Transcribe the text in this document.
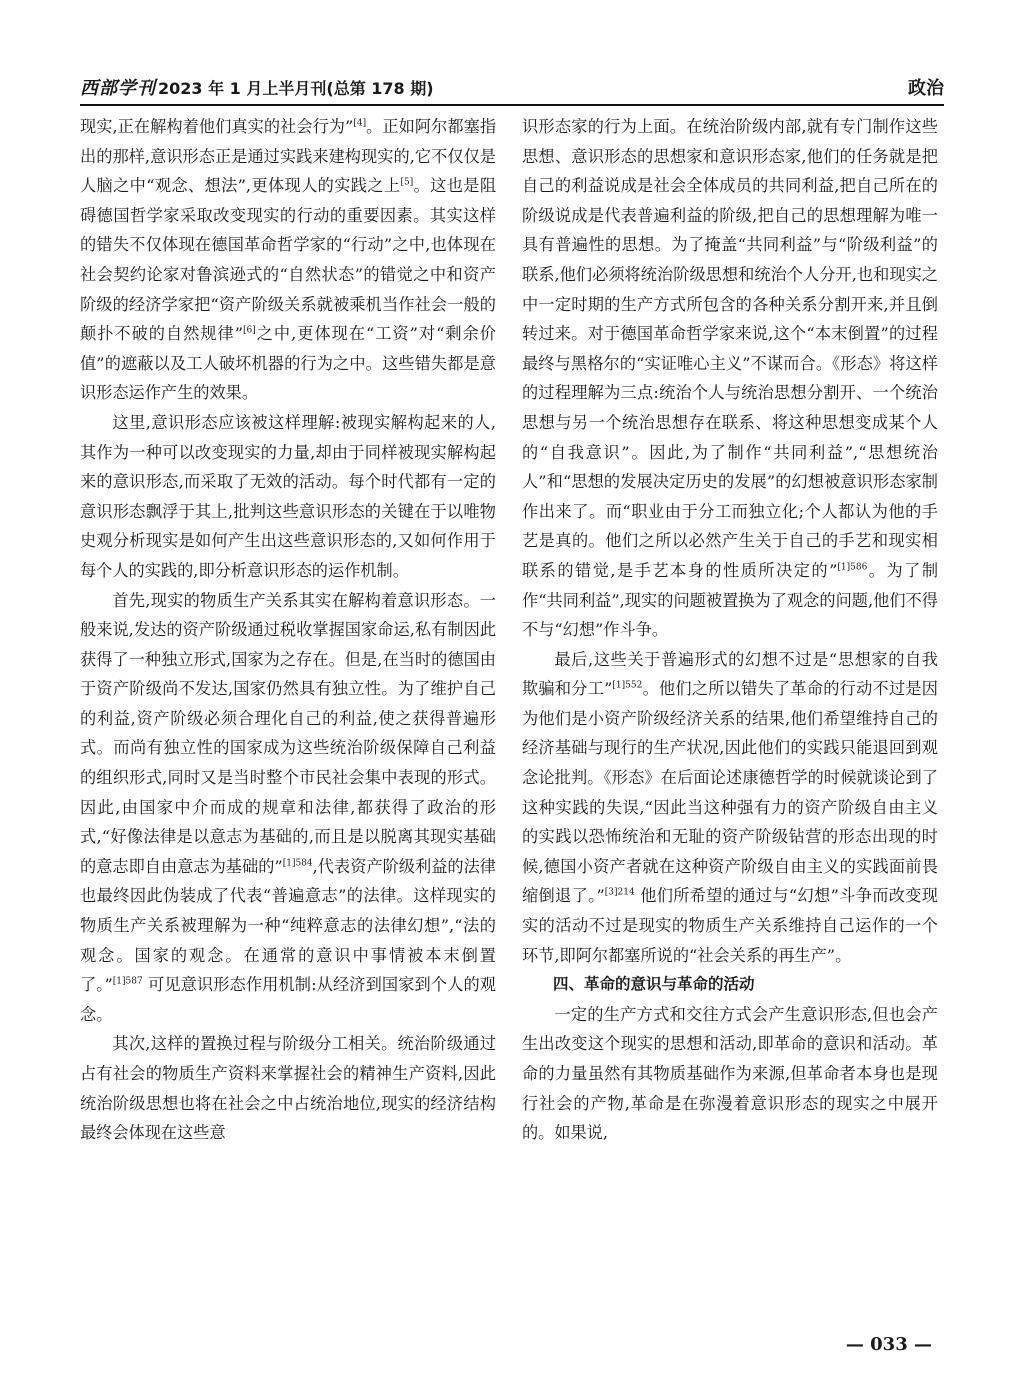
西部学刊 2023 年 1 月上半月刊(总第 178 期)	政治

现实,正在解构着他们真实的社会行为”[4]。正如阿尔都塞指出的那样,意识形态正是通过实践来建构现实的,它不仅仅是人脑之中“观念、想法”,更体现人的实践之上[5]。这也是阻碍德国哲学家采取改变现实的行动的重要因素。其实这样的错失不仅体现在德国革命哲学家的“行动”之中,也体现在社会契约论家对鲁滨逊式的“自然状态”的错觉之中和资产阶级的经济学家把“资产阶级关系就被乘机当作社会一般的颠扑不破的自然规律”[6]之中,更体现在“工资”对“剩余价值”的遮蔽以及工人破坏机器的行为之中。这些错失都是意识形态运作产生的效果。

这里,意识形态应该被这样理解:被现实解构起来的人,其作为一种可以改变现实的力量,却由于同样被现实解构起来的意识形态,而采取了无效的活动。每个时代都有一定的意识形态飘浮于其上,批判这些意识形态的关键在于以唯物史观分析现实是如何产生出这些意识形态的,又如何作用于每个人的实践的,即分析意识形态的运作机制。

首先,现实的物质生产关系其实在解构着意识形态。一般来说,发达的资产阶级通过税收掌握国家命运,私有制因此获得了一种独立形式,国家为之存在。但是,在当时的德国由于资产阶级尚不发达,国家仍然具有独立性。为了维护自己的利益,资产阶级必须合理化自己的利益,使之获得普遍形式。而尚有独立性的国家成为这些统治阶级保障自己利益的组织形式,同时又是当时整个市民社会集中表现的形式。因此,由国家中介而成的规章和法律,都获得了政治的形式,“好像法律是以意志为基础的,而且是以脱离其现实基础的意志即自由意志为基础的”$^{[1]584}$,代表资产阶级利益的法律也最终因此伪装成了代表“普遍意志”的法律。这样现实的物质生产关系被理解为一种“纯粹意志的法律幻想”,“法的观念。国家的观念。在通常的意识中事情被本末倒置了。”$^{[1]587}$ 可见意识形态作用机制:从经济到国家到个人的观念。

其次,这样的置换过程与阶级分工相关。统治阶级通过占有社会的物质生产资料来掌握社会的精神生产资料,因此统治阶级思想也将在社会之中占统治地位,现实的经济结构最终会体现在这些意

识形态家的行为上面。在统治阶级内部,就有专门制作这些思想、意识形态的思想家和意识形态家,他们的任务就是把自己的利益说成是社会全体成员的共同利益,把自己所在的阶级说成是代表普遍利益的阶级,把自己的思想理解为唯一具有普遍性的思想。为了掩盖“共同利益”与“阶级利益”的联系,他们必须将统治阶级思想和统治个人分开,也和现实之中一定时期的生产方式所包含的各种关系分割开来,并且倒转过来。对于德国革命哲学家来说,这个“本末倒置”的过程最终与黑格尔的“实证唯心主义”不谋而合。《形态》将这样的过程理解为三点:统治个人与统治思想分割开、一个统治思想与另一个统治思想存在联系、将这种思想变成某个人的“自我意识”。因此,为了制作“共同利益”,“思想统治人”和“思想的发展决定历史的发展”的幻想被意识形态家制作出来了。而“职业由于分工而独立化;个人都认为他的手艺是真的。他们之所以必然产生关于自己的手艺和现实相联系的错觉,是手艺本身的性质所决定的”$^{[1]586}$。为了制作“共同利益”,现实的问题被置换为了观念的问题,他们不得不与“幻想”作斗争。

最后,这些关于普遍形式的幻想不过是“思想家的自我欺骗和分工”$^{[1]552}$。他们之所以错失了革命的行动不过是因为他们是小资产阶级经济关系的结果,他们希望维持自己的经济基础与现行的生产状况,因此他们的实践只能退回到观念论批判。《形态》在后面论述康德哲学的时候就谈论到了这种实践的失误,“因此当这种强有力的资产阶级自由主义的实践以恐怖统治和无耻的资产阶级钻营的形态出现的时候,德国小资产者就在这种资产阶级自由主义的实践面前畏缩倒退了。”$^{[3]214}$ 他们所希望的通过与“幻想”斗争而改变现实的活动不过是现实的物质生产关系维持自己运作的一个环节,即阿尔都塞所说的“社会关系的再生产”。

四、革命的意识与革命的活动

一定的生产方式和交往方式会产生意识形态,但也会产生出改变这个现实的思想和活动,即革命的意识和活动。革命的力量虽然有其物质基础作为来源,但革命者本身也是现行社会的产物,革命是在弥漫着意识形态的现实之中展开的。如果说,

— 033 —
